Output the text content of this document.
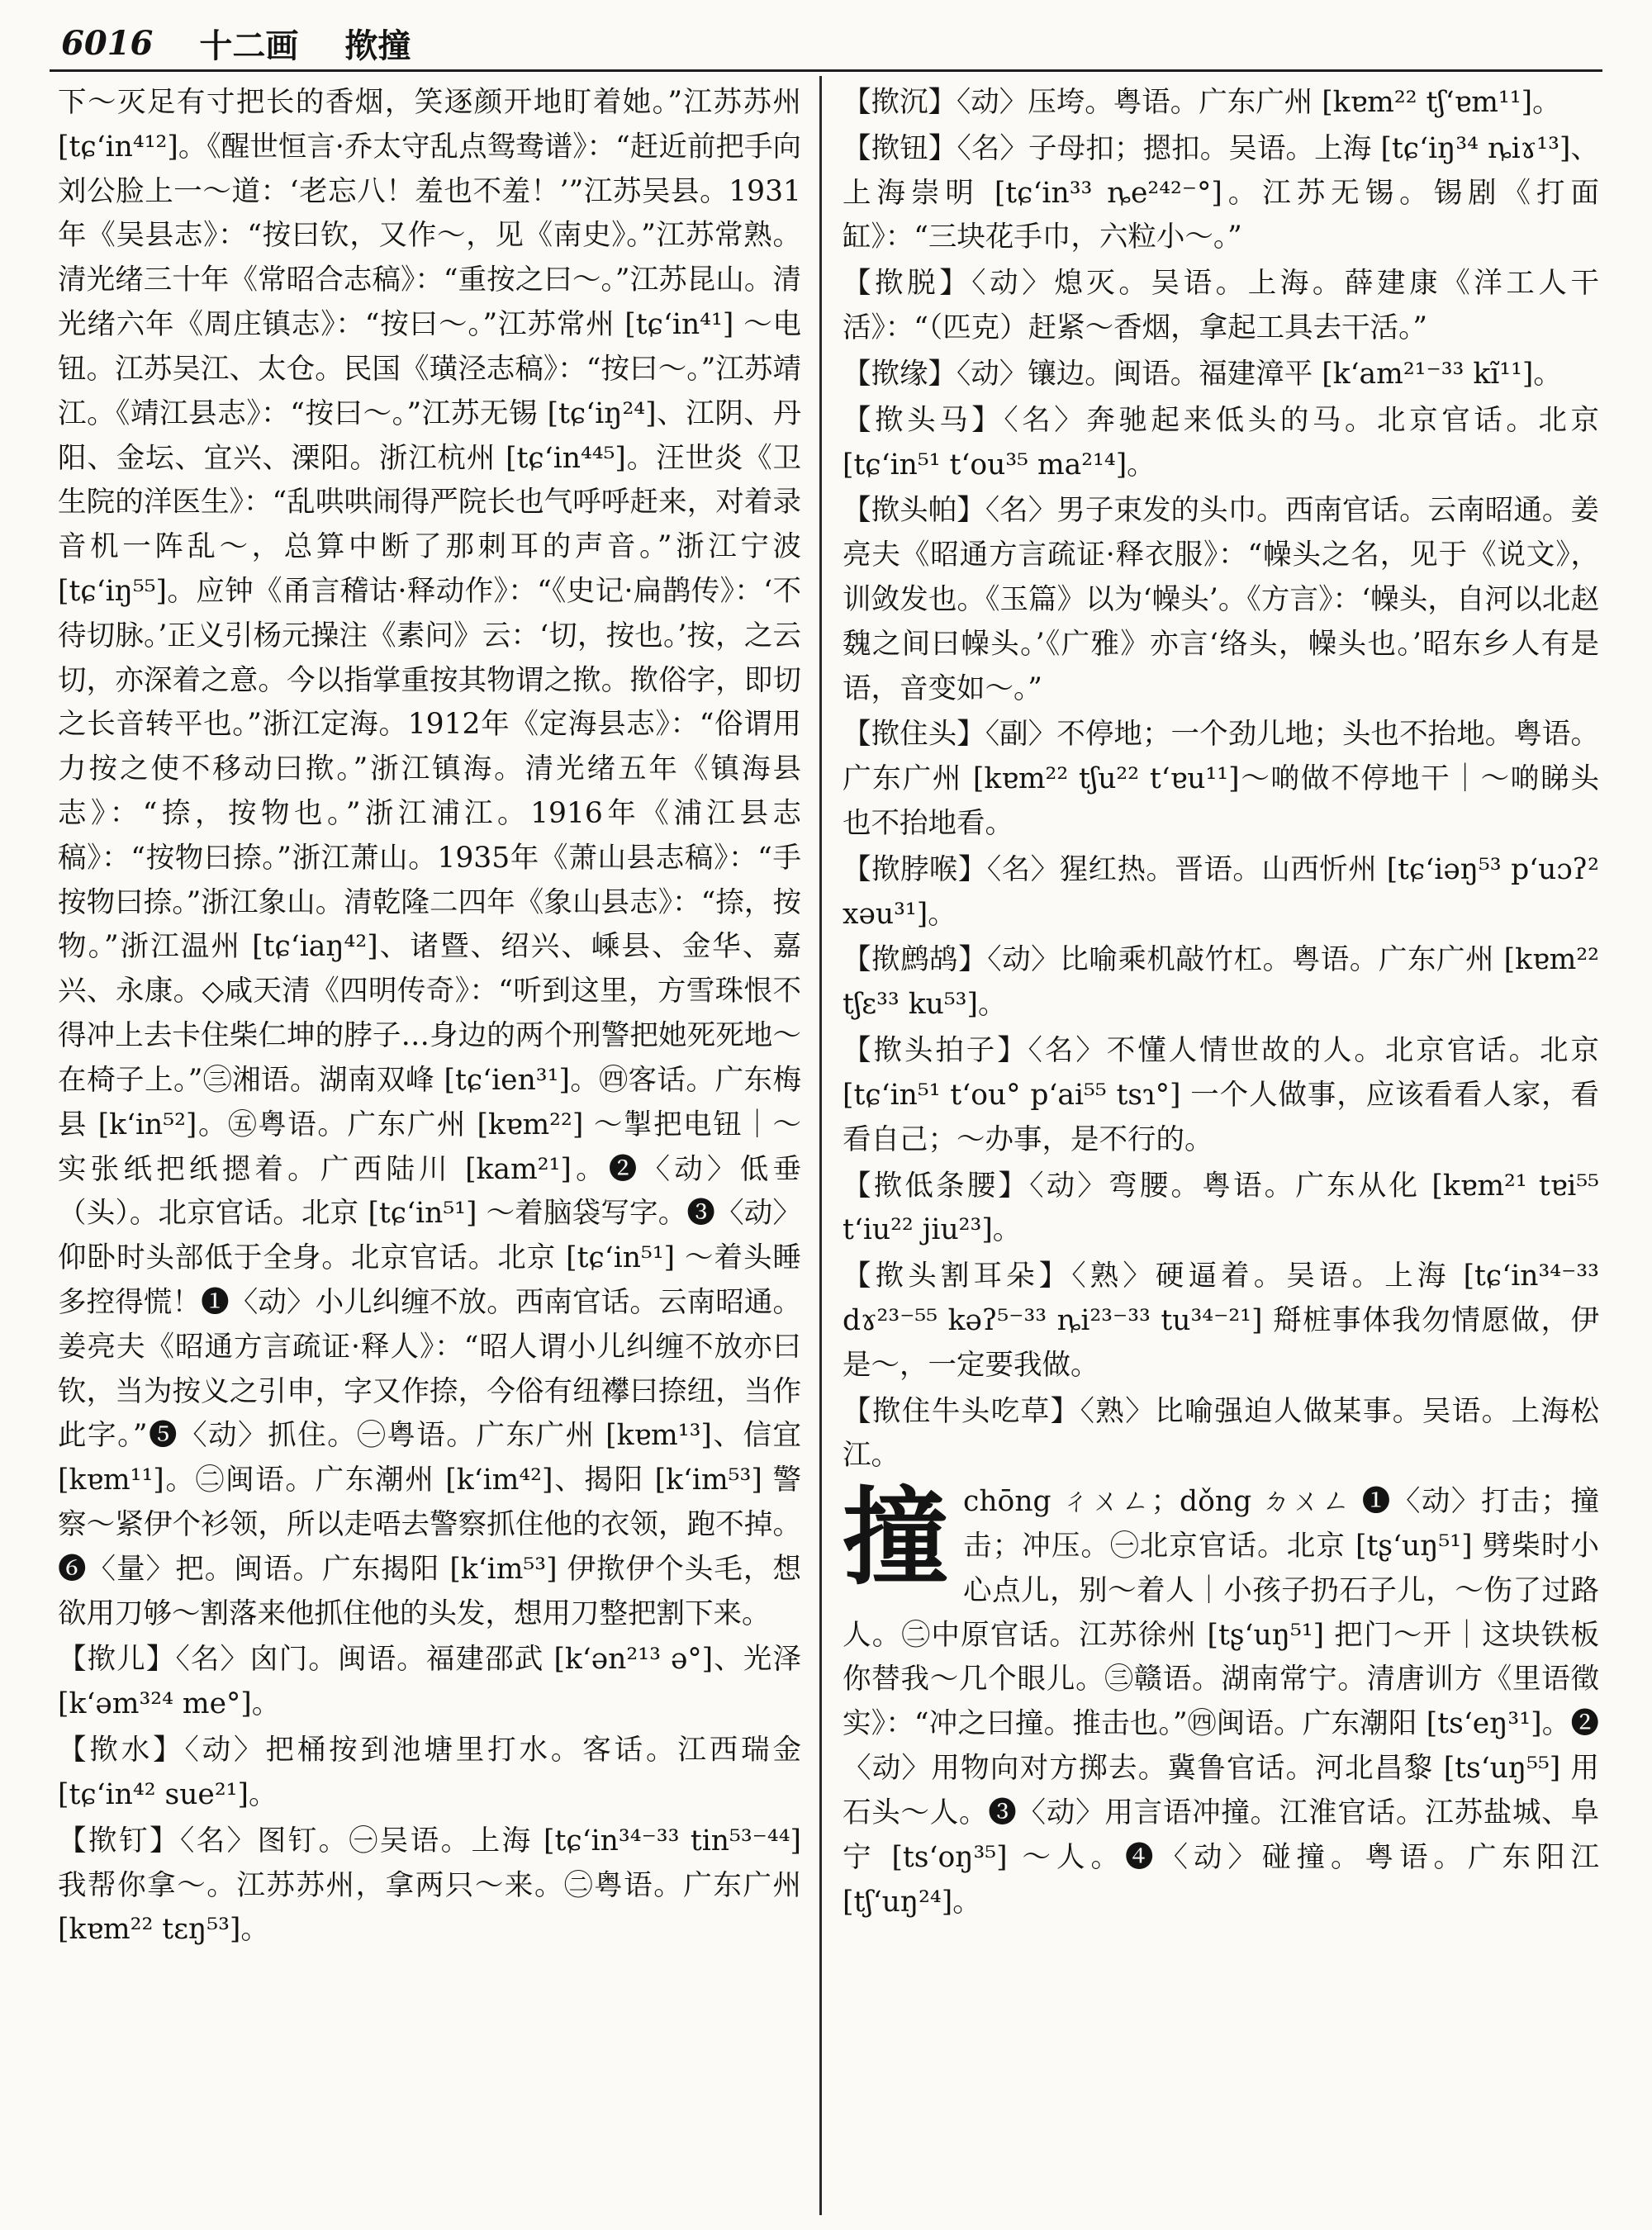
6016 十二画 揿撞

下～灭足有寸把长的香烟，笑逐颜开地盯着她。”江苏苏州 [tɕʻin⁴¹²]。《醒世恒言·乔太守乱点鸳鸯谱》：“赶近前把手向刘公脸上一～道：‘老忘八！羞也不羞！’”江苏吴县。1931年《吴县志》：“按曰钦，又作～，见《南史》。”江苏常熟。清光绪三十年《常昭合志稿》：“重按之曰～。”江苏昆山。清光绪六年《周庄镇志》：“按曰～。”江苏常州 [tɕʻin⁴¹] ～电钮。江苏吴江、太仓。民国《璜泾志稿》：“按曰～。”江苏靖江。《靖江县志》：“按曰～。”江苏无锡 [tɕʻiŋ²⁴]、江阴、丹阳、金坛、宜兴、溧阳。浙江杭州 [tɕʻin⁴⁴⁵]。汪世炎《卫生院的洋医生》：“乱哄哄闹得严院长也气呼呼赶来，对着录音机一阵乱～，总算中断了那刺耳的声音。”浙江宁波 [tɕʻiŋ⁵⁵]。应钟《甬言稽诂·释动作》：“《史记·扁鹊传》：‘不待切脉。’正义引杨元操注《素问》云：‘切，按也。’按，之云切，亦深着之意。今以指掌重按其物谓之揿。揿俗字，即切之长音转平也。”浙江定海。1912年《定海县志》：“俗谓用力按之使不移动曰揿。”浙江镇海。清光绪五年《镇海县志》：“捺，按物也。”浙江浦江。1916年《浦江县志稿》：“按物曰捺。”浙江萧山。1935年《萧山县志稿》：“手按物曰捺。”浙江象山。清乾隆二四年《象山县志》：“捺，按物。”浙江温州 [tɕʻiaŋ⁴²]、诸暨、绍兴、嵊县、金华、嘉兴、永康。◇咸天清《四明传奇》：“听到这里，方雪珠恨不得冲上去卡住柴仁坤的脖子…身边的两个刑警把她死死地～在椅子上。”㊂湘语。湖南双峰 [tɕʻien³¹]。㊃客话。广东梅县 [kʻin⁵²]。㊄粤语。广东广州 [kɐm²²] ～掣把电钮｜～实张纸把纸摁着。广西陆川 [kam²¹]。❷〈动〉低垂（头）。北京官话。北京 [tɕʻin⁵¹] ～着脑袋写字。❸〈动〉仰卧时头部低于全身。北京官话。北京 [tɕʻin⁵¹] ～着头睡多控得慌！❶〈动〉小儿纠缠不放。西南官话。云南昭通。姜亮夫《昭通方言疏证·释人》：“昭人谓小儿纠缠不放亦曰钦，当为按义之引申，字又作捺，今俗有纽襻曰捺纽，当作此字。”❺〈动〉抓住。㊀粤语。广东广州 [kɐm¹³]、信宜 [kɐm¹¹]。㊁闽语。广东潮州 [kʻim⁴²]、揭阳 [kʻim⁵³] 警察～紧伊个衫领，所以走唔去警察抓住他的衣领，跑不掉。❻〈量〉把。闽语。广东揭阳 [kʻim⁵³] 伊揿伊个头毛，想欲用刀够～割落来他抓住他的头发，想用刀整把割下来。

【揿儿】〈名〉囟门。闽语。福建邵武 [kʻən²¹³ ə°]、光泽 [kʻəm³²⁴ me°]。

【揿水】〈动〉把桶按到池塘里打水。客话。江西瑞金 [tɕʻin⁴² sue²¹]。

【揿钉】〈名〉图钉。㊀吴语。上海 [tɕʻin³⁴⁻³³ tin⁵³⁻⁴⁴] 我帮你拿～。江苏苏州，拿两只～来。㊁粤语。广东广州 [kɐm²² tɛŋ⁵³]。

【揿沉】〈动〉压垮。粤语。广东广州 [kɐm²² tʃʻɐm¹¹]。

【揿钮】〈名〉子母扣；摁扣。吴语。上海 [tɕʻiŋ³⁴ ȵiɤ¹³]、上海崇明 [tɕʻin³³ ȵe²⁴²⁻°]。江苏无锡。锡剧《打面缸》：“三块花手巾，六粒小～。”

【揿脱】〈动〉熄灭。吴语。上海。薛建康《洋工人干活》：“（匹克）赶紧～香烟，拿起工具去干活。”

【揿缘】〈动〉镶边。闽语。福建漳平 [kʻam²¹⁻³³ kĩ¹¹]。

【揿头马】〈名〉奔驰起来低头的马。北京官话。北京 [tɕʻin⁵¹ tʻou³⁵ ma²¹⁴]。

【揿头帕】〈名〉男子束发的头巾。西南官话。云南昭通。姜亮夫《昭通方言疏证·释衣服》：“幧头之名，见于《说文》，训敛发也。《玉篇》以为‘幧头’。《方言》：‘幧头，自河以北赵魏之间曰幧头。’《广雅》亦言‘络头，幧头也。’昭东乡人有是语，音变如～。”

【揿住头】〈副〉不停地；一个劲儿地；头也不抬地。粤语。广东广州 [kɐm²² tʃu²² tʻɐu¹¹]～啲做不停地干｜～啲睇头也不抬地看。

【揿脖喉】〈名〉猩红热。晋语。山西忻州 [tɕʻiəŋ⁵³ pʻuɔʔ² xəu³¹]。

【揿鹧鸪】〈动〉比喻乘机敲竹杠。粤语。广东广州 [kɐm²² tʃɛ³³ ku⁵³]。

【揿头拍子】〈名〉不懂人情世故的人。北京官话。北京 [tɕʻin⁵¹ tʻou° pʻai⁵⁵ tsɿ°] 一个人做事，应该看看人家，看看自己；～办事，是不行的。

【揿低条腰】〈动〉弯腰。粤语。广东从化 [kɐm²¹ tɐi⁵⁵ tʻiu²² jiu²³]。

【揿头割耳朵】〈熟〉硬逼着。吴语。上海 [tɕʻin³⁴⁻³³ dɤ²³⁻⁵⁵ kəʔ⁵⁻³³ ȵi²³⁻³³ tu³⁴⁻²¹] 搿桩事体我勿情愿做，伊是～，一定要我做。

【揿住牛头吃草】〈熟〉比喻强迫人做某事。吴语。上海松江。

撞 chōng ㄔㄨㄥ；dǒng ㄉㄨㄥ ❶〈动〉打击；撞击；冲压。㊀北京官话。北京 [tʂʻuŋ⁵¹] 劈柴时小心点儿，别～着人｜小孩子扔石子儿，～伤了过路人。㊁中原官话。江苏徐州 [tʂʻuŋ⁵¹] 把门～开｜这块铁板你替我～几个眼儿。㊂赣语。湖南常宁。清唐训方《里语徵实》：“冲之曰撞。推击也。”㊃闽语。广东潮阳 [tsʻeŋ³¹]。❷〈动〉用物向对方掷去。冀鲁官话。河北昌黎 [tsʻuŋ⁵⁵] 用石头～人。❸〈动〉用言语冲撞。江淮官话。江苏盐城、阜宁 [tsʻoŋ³⁵] ～人。❹〈动〉碰撞。粤语。广东阳江 [tʃʻuŋ²⁴]。
